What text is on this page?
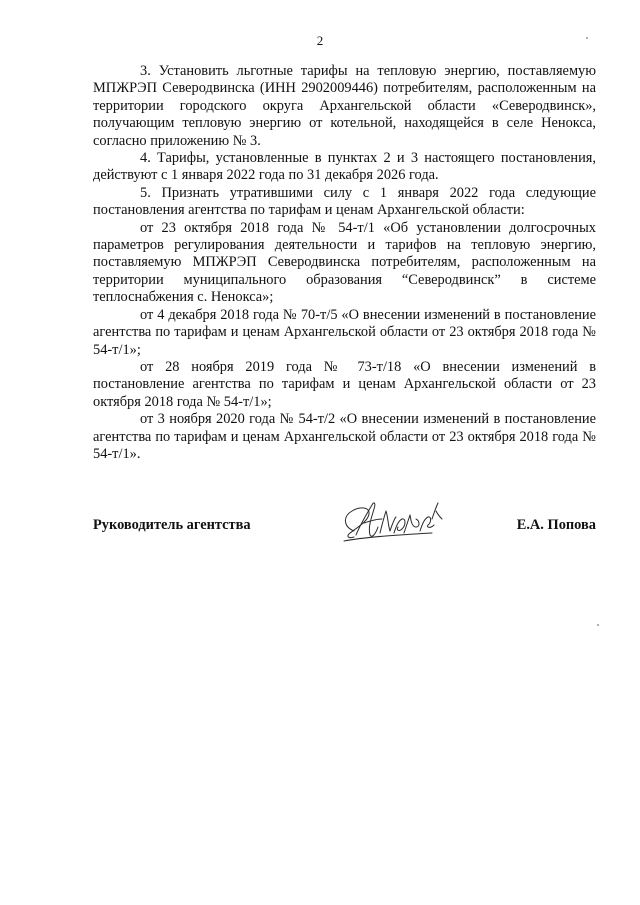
2

3. Установить льготные тарифы на тепловую энергию, поставляемую МПЖРЭП Северодвинска (ИНН 2902009446) потребителям, расположенным на территории городского округа Архангельской области «Северодвинск», получающим тепловую энергию от котельной, находящейся в селе Ненокса, согласно приложению № 3.

4. Тарифы, установленные в пунктах 2 и 3 настоящего постановления, действуют с 1 января 2022 года по 31 декабря 2026 года.

5. Признать утратившими силу с 1 января 2022 года следующие постановления агентства по тарифам и ценам Архангельской области:

от 23 октября 2018 года № 54-т/1 «Об установлении долгосрочных параметров регулирования деятельности и тарифов на тепловую энергию, поставляемую МПЖРЭП Северодвинска потребителям, расположенным на территории муниципального образования “Северодвинск” в системе теплоснабжения с. Ненокса»;

от 4 декабря 2018 года № 70-т/5 «О внесении изменений в постановление агентства по тарифам и ценам Архангельской области от 23 октября 2018 года № 54-т/1»;

от 28 ноября 2019 года № 73-т/18 «О внесении изменений в постановление агентства по тарифам и ценам Архангельской области от 23 октября 2018 года № 54-т/1»;

от 3 ноября 2020 года № 54-т/2 «О внесении изменений в постановление агентства по тарифам и ценам Архангельской области от 23 октября 2018 года № 54-т/1».

Руководитель агентства	Е.А. Попова
